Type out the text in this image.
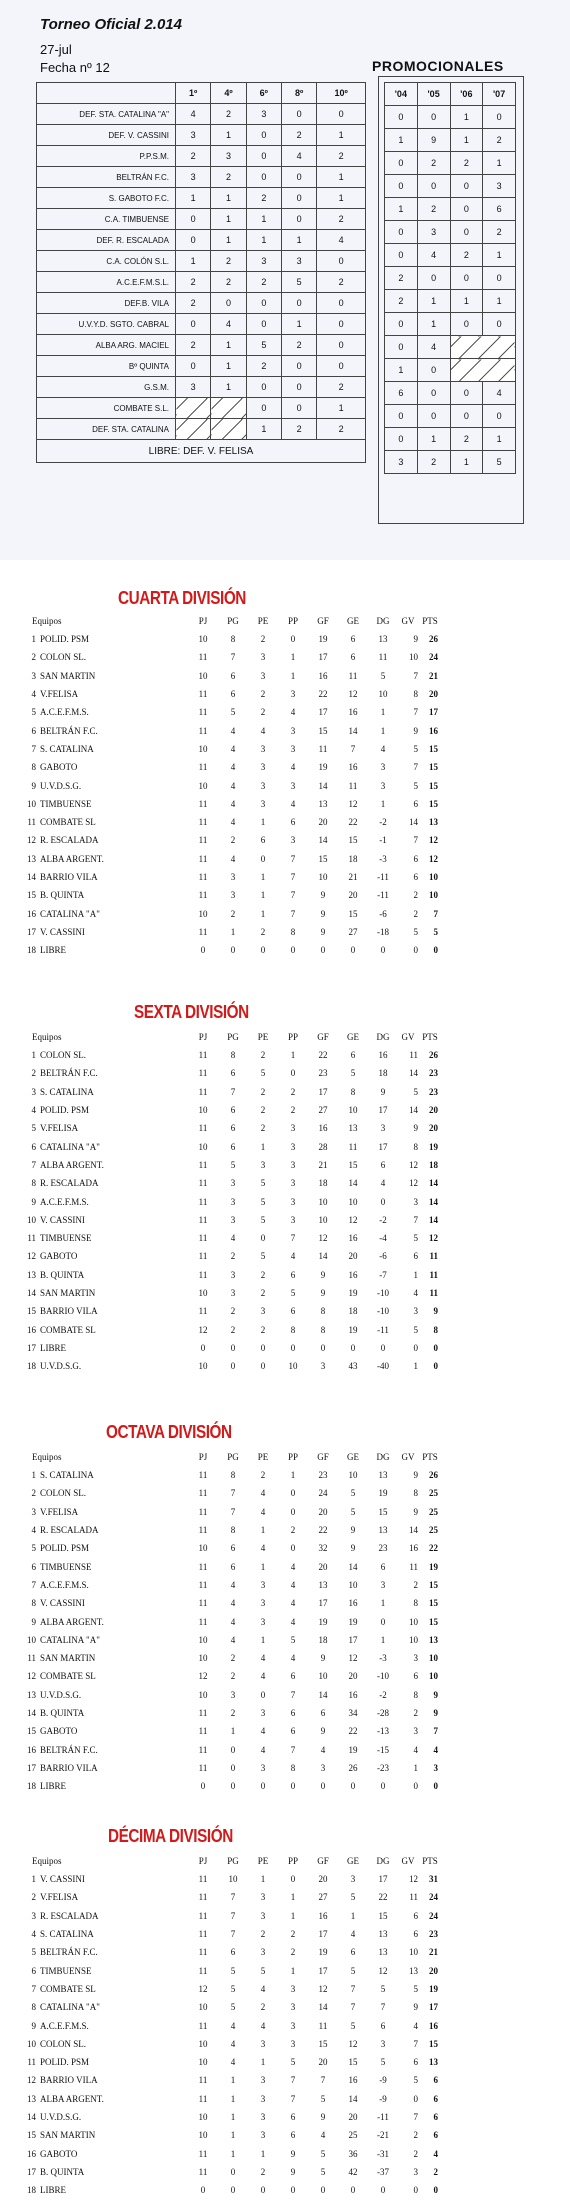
Torneo Oficial 2.014
27-jul
Fecha nº 12	PROMOCIONALES
	1º	4º	6º	8º	10º
DEF. STA. CATALINA "A"	4	2	3	0	0
DEF. V. CASSINI	3	1	0	2	1
P.P.S.M.	2	3	0	4	2
BELTRÁN F.C.	3	2	0	0	1
S. GABOTO F.C.	1	1	2	0	1
C.A. TIMBUENSE	0	1	1	0	2
DEF. R. ESCALADA	0	1	1	1	4
C.A. COLÓN S.L.	1	2	3	3	0
A.C.E.F.M.S.L.	2	2	2	5	2
DEF.B. VILA	2	0	0	0	0
U.V.Y.D. SGTO. CABRAL	0	4	0	1	0
ALBA ARG. MACIEL	2	1	5	2	0
Bº QUINTA	0	1	2	0	0
G.S.M.	3	1	0	0	2
COMBATE S.L.			0	0	1
DEF. STA. CATALINA			1	2	2
LIBRE: DEF. V. FELISA					
'04	'05	'06	'07
0	0	1	0
1	9	1	2
0	2	2	1
0	0	0	3
1	2	0	6
0	3	0	2
0	4	2	1
2	0	0	0
2	1	1	1
0	1	0	0
0	4		
1	0		
6	0	0	4
0	0	0	0
0	1	2	1
3	2	1	5
CUARTA DIVISIÓN
Equipos		PJ	PG	PE	PP	GF	GE	DG	GV	PTS
1	POLID. PSM	10	8	2	0	19	6	13	9	26
2	COLON SL.	11	7	3	1	17	6	11	10	24
3	SAN MARTIN	10	6	3	1	16	11	5	7	21
4	V.FELISA	11	6	2	3	22	12	10	8	20
5	A.C.E.F.M.S.	11	5	2	4	17	16	1	7	17
6	BELTRÁN F.C.	11	4	4	3	15	14	1	9	16
7	S. CATALINA	10	4	3	3	11	7	4	5	15
8	GABOTO	11	4	3	4	19	16	3	7	15
9	U.V.D.S.G.	10	4	3	3	14	11	3	5	15
10	TIMBUENSE	11	4	3	4	13	12	1	6	15
11	COMBATE SL	11	4	1	6	20	22	-2	14	13
12	R. ESCALADA	11	2	6	3	14	15	-1	7	12
13	ALBA ARGENT.	11	4	0	7	15	18	-3	6	12
14	BARRIO VILA	11	3	1	7	10	21	-11	6	10
15	B. QUINTA	11	3	1	7	9	20	-11	2	10
16	CATALINA "A"	10	2	1	7	9	15	-6	2	7
17	V. CASSINI	11	1	2	8	9	27	-18	5	5
18	LIBRE	0	0	0	0	0	0	0	0	0
SEXTA DIVISIÓN
Equipos		PJ	PG	PE	PP	GF	GE	DG	GV	PTS
1	COLON SL.	11	8	2	1	22	6	16	11	26
2	BELTRÁN F.C.	11	6	5	0	23	5	18	14	23
3	S. CATALINA	11	7	2	2	17	8	9	5	23
4	POLID. PSM	10	6	2	2	27	10	17	14	20
5	V.FELISA	11	6	2	3	16	13	3	9	20
6	CATALINA "A"	10	6	1	3	28	11	17	8	19
7	ALBA ARGENT.	11	5	3	3	21	15	6	12	18
8	R. ESCALADA	11	3	5	3	18	14	4	12	14
9	A.C.E.F.M.S.	11	3	5	3	10	10	0	3	14
10	V. CASSINI	11	3	5	3	10	12	-2	7	14
11	TIMBUENSE	11	4	0	7	12	16	-4	5	12
12	GABOTO	11	2	5	4	14	20	-6	6	11
13	B. QUINTA	11	3	2	6	9	16	-7	1	11
14	SAN MARTIN	10	3	2	5	9	19	-10	4	11
15	BARRIO VILA	11	2	3	6	8	18	-10	3	9
16	COMBATE SL	12	2	2	8	8	19	-11	5	8
17	LIBRE	0	0	0	0	0	0	0	0	0
18	U.V.D.S.G.	10	0	0	10	3	43	-40	1	0
OCTAVA DIVISIÓN
Equipos		PJ	PG	PE	PP	GF	GE	DG	GV	PTS
1	S. CATALINA	11	8	2	1	23	10	13	9	26
2	COLON SL.	11	7	4	0	24	5	19	8	25
3	V.FELISA	11	7	4	0	20	5	15	9	25
4	R. ESCALADA	11	8	1	2	22	9	13	14	25
5	POLID. PSM	10	6	4	0	32	9	23	16	22
6	TIMBUENSE	11	6	1	4	20	14	6	11	19
7	A.C.E.F.M.S.	11	4	3	4	13	10	3	2	15
8	V. CASSINI	11	4	3	4	17	16	1	8	15
9	ALBA ARGENT.	11	4	3	4	19	19	0	10	15
10	CATALINA "A"	10	4	1	5	18	17	1	10	13
11	SAN MARTIN	10	2	4	4	9	12	-3	3	10
12	COMBATE SL	12	2	4	6	10	20	-10	6	10
13	U.V.D.S.G.	10	3	0	7	14	16	-2	8	9
14	B. QUINTA	11	2	3	6	6	34	-28	2	9
15	GABOTO	11	1	4	6	9	22	-13	3	7
16	BELTRÁN F.C.	11	0	4	7	4	19	-15	4	4
17	BARRIO VILA	11	0	3	8	3	26	-23	1	3
18	LIBRE	0	0	0	0	0	0	0	0	0
DÉCIMA DIVISIÓN
Equipos		PJ	PG	PE	PP	GF	GE	DG	GV	PTS
1	V. CASSINI	11	10	1	0	20	3	17	12	31
2	V.FELISA	11	7	3	1	27	5	22	11	24
3	R. ESCALADA	11	7	3	1	16	1	15	6	24
4	S. CATALINA	11	7	2	2	17	4	13	6	23
5	BELTRÁN F.C.	11	6	3	2	19	6	13	10	21
6	TIMBUENSE	11	5	5	1	17	5	12	13	20
7	COMBATE SL	12	5	4	3	12	7	5	5	19
8	CATALINA "A"	10	5	2	3	14	7	7	9	17
9	A.C.E.F.M.S.	11	4	4	3	11	5	6	4	16
10	COLON SL.	10	4	3	3	15	12	3	7	15
11	POLID. PSM	10	4	1	5	20	15	5	6	13
12	BARRIO VILA	11	1	3	7	7	16	-9	5	6
13	ALBA ARGENT.	11	1	3	7	5	14	-9	0	6
14	U.V.D.S.G.	10	1	3	6	9	20	-11	7	6
15	SAN MARTIN	10	1	3	6	4	25	-21	2	6
16	GABOTO	11	1	1	9	5	36	-31	2	4
17	B. QUINTA	11	0	2	9	5	42	-37	3	2
18	LIBRE	0	0	0	0	0	0	0	0	0
